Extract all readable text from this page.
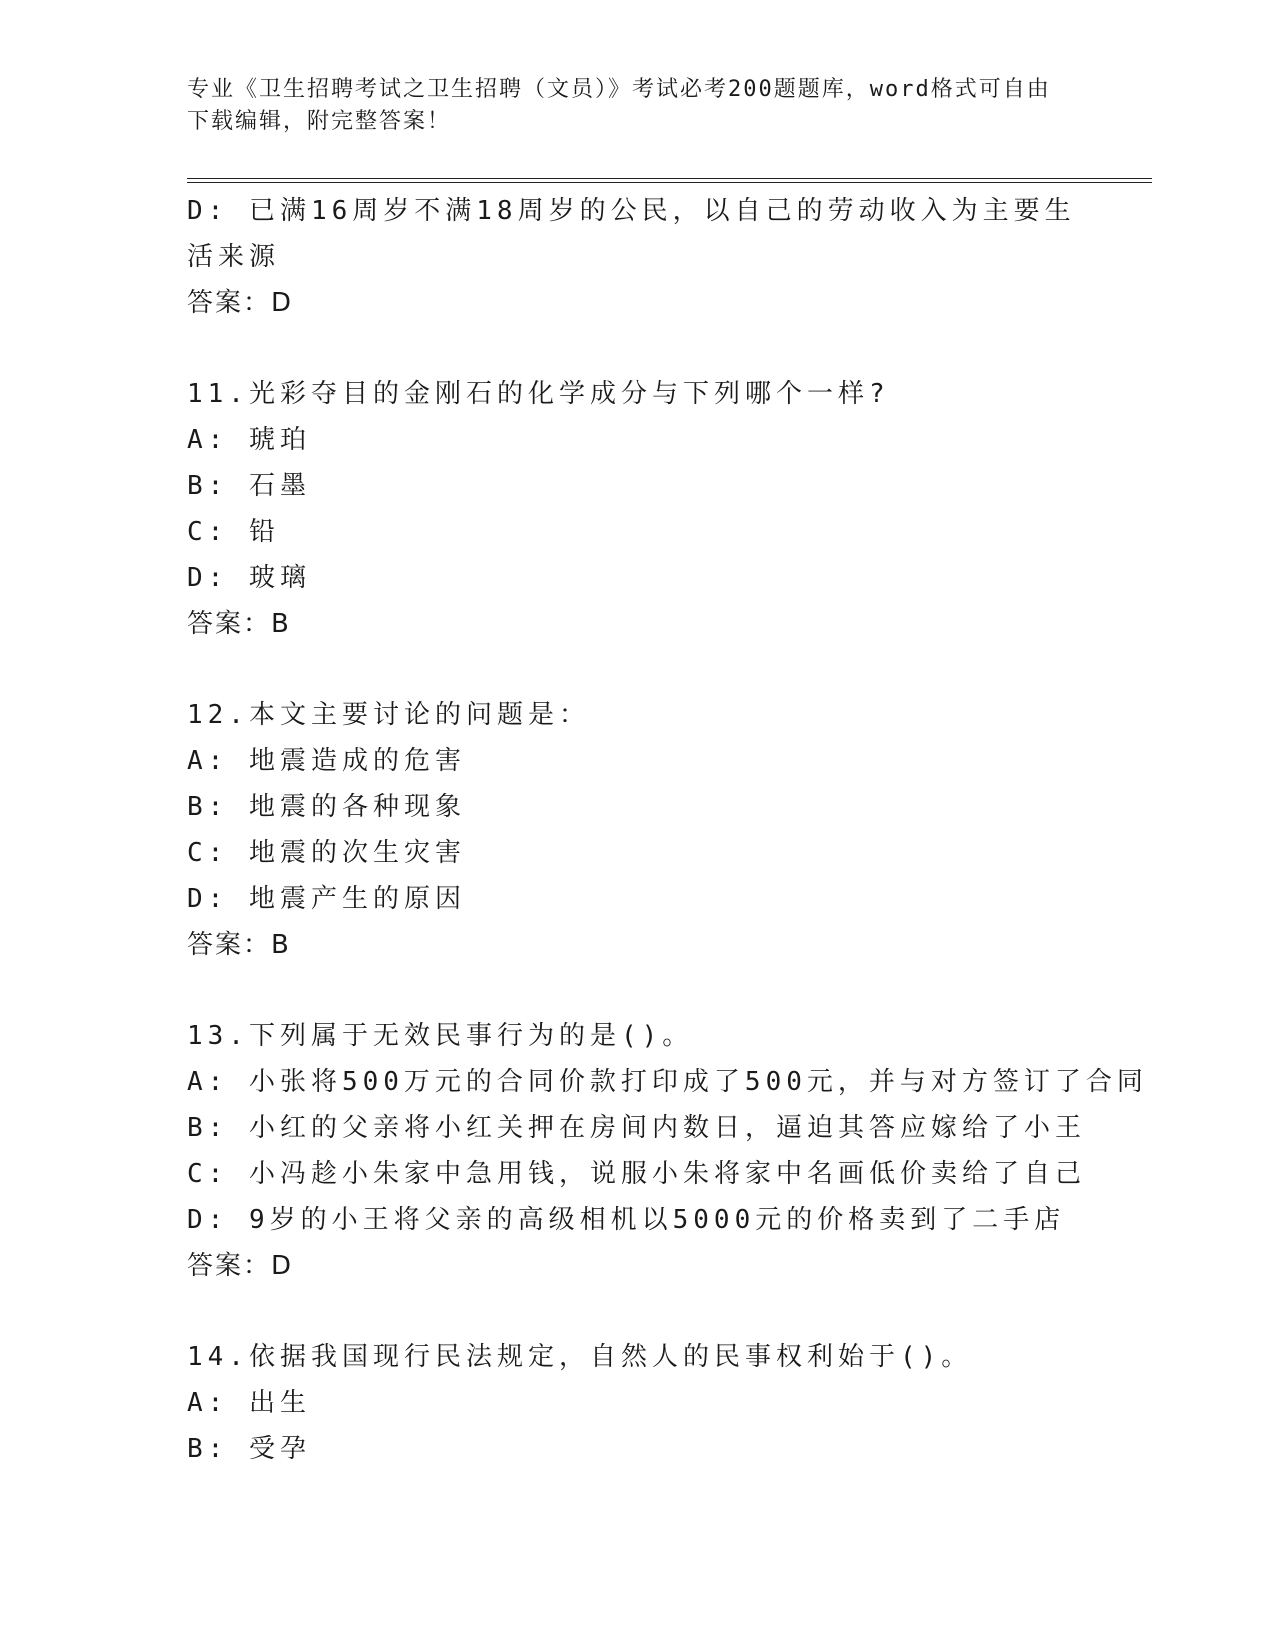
专业《卫生招聘考试之卫生招聘（文员）》考试必考200题题库，word格式可自由下载编辑，附完整答案！
D: 已满16周岁不满18周岁的公民，以自己的劳动收入为主要生活来源
答案：D
11.光彩夺目的金刚石的化学成分与下列哪个一样?
A: 琥珀
B: 石墨
C: 铅
D: 玻璃
答案：B
12.本文主要讨论的问题是：
A: 地震造成的危害
B: 地震的各种现象
C: 地震的次生灾害
D: 地震产生的原因
答案：B
13.下列属于无效民事行为的是()。
A: 小张将500万元的合同价款打印成了500元，并与对方签订了合同
B: 小红的父亲将小红关押在房间内数日，逼迫其答应嫁给了小王
C: 小冯趁小朱家中急用钱，说服小朱将家中名画低价卖给了自己
D: 9岁的小王将父亲的高级相机以5000元的价格卖到了二手店
答案：D
14.依据我国现行民法规定，自然人的民事权利始于()。
A: 出生
B: 受孕
